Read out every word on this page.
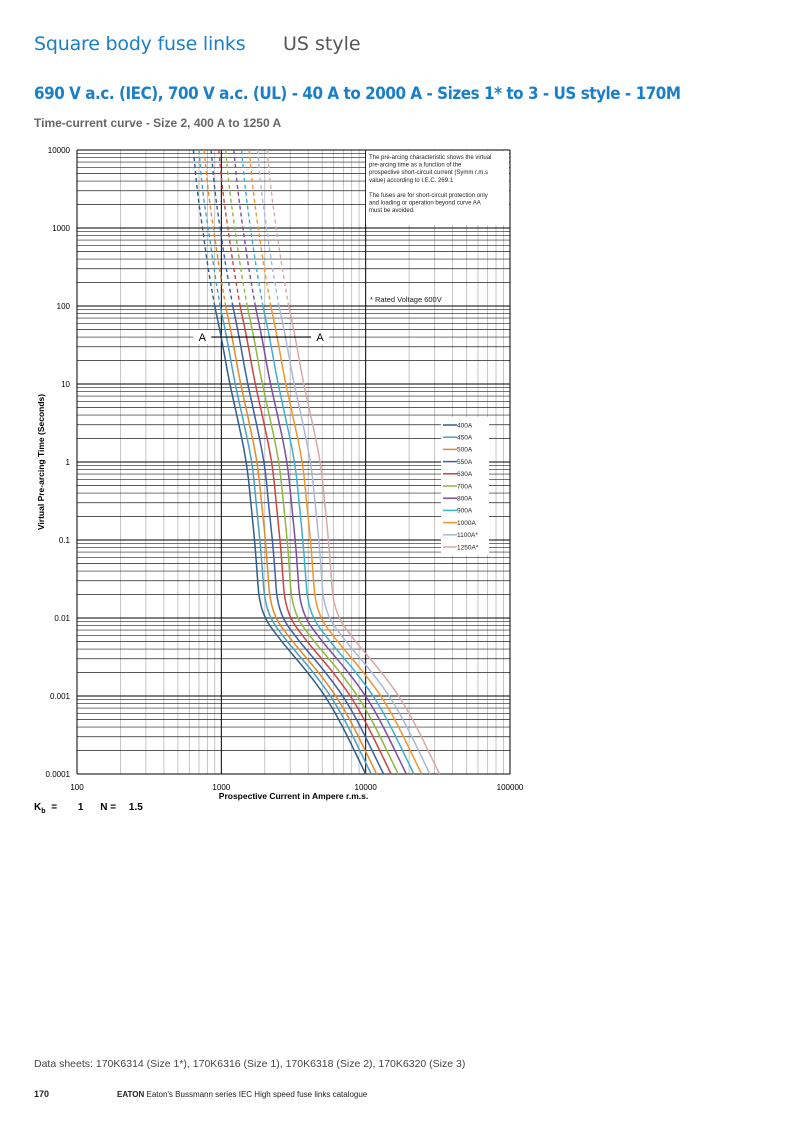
Square body fuse links US style
690 V a.c. (IEC), 700 V a.c. (UL) - 40 A to 2000 A - Sizes 1* to 3 - US style - 170M
Time-current curve - Size 2, 400 A to 1250 A
The pre-arcing characteristic shows the virtual
pre-arcing time as a function of the
prospective short-circuit current (Symm r.m.s
value) according to I.E.C. 269.1
The fuses are for short-circuit protection only
and loading or operation beyond curve AA
must be avoided.
* Rated Voltage 600V
A	A
400A
450A
500A
550A
630A
700A
800A
900A
1000A
1100A*
1250A*
0.0001
0.001
0.01
0.1
1
10
100
1000
10000
100	1000	10000	100000
Prospective Current in Ampere r.m.s.
Virtual Pre-arcing Time (Seconds)
$K_b = 1$ N = 1.5
Data sheets: 170K6314 (Size 1*), 170K6316 (Size 1), 170K6318 (Size 2), 170K6320 (Size 3)
170	EATON Eaton's Bussmann series IEC High speed fuse links catalogue
